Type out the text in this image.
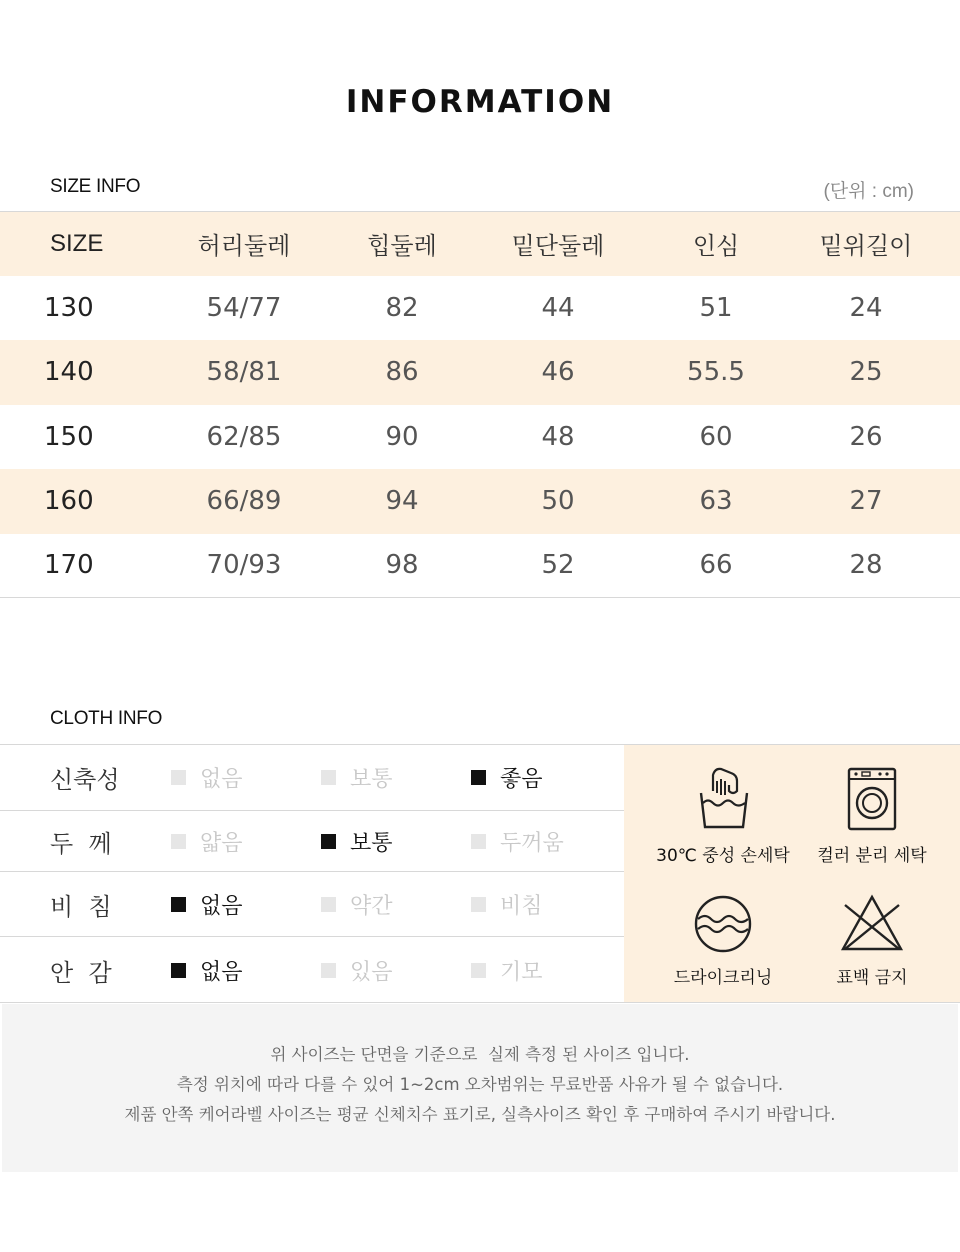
INFORMATION
SIZE INFO	(단위 : cm)
SIZE	허리둘레	힙둘레	밑단둘레	인심	밑위길이
130	54/77	82	44	51	24
140	58/81	86	46	55.5	25
150	62/85	90	48	60	26
160	66/89	94	50	63	27
170	70/93	98	52	66	28
CLOTH INFO
신축성	없음	보통	좋음
두  께	얇음	보통	두꺼움
비  침	없음	약간	비침
안  감	없음	있음	기모
30℃ 중성 손세탁	컬러 분리 세탁
드라이크리닝	표백 금지
위 사이즈는 단면을 기준으로  실제 측정 된 사이즈 입니다.
측정 위치에 따라 다를 수 있어 1~2cm 오차범위는 무료반품 사유가 될 수 없습니다.
제품 안쪽 케어라벨 사이즈는 평균 신체치수 표기로, 실측사이즈 확인 후 구매하여 주시기 바랍니다.
